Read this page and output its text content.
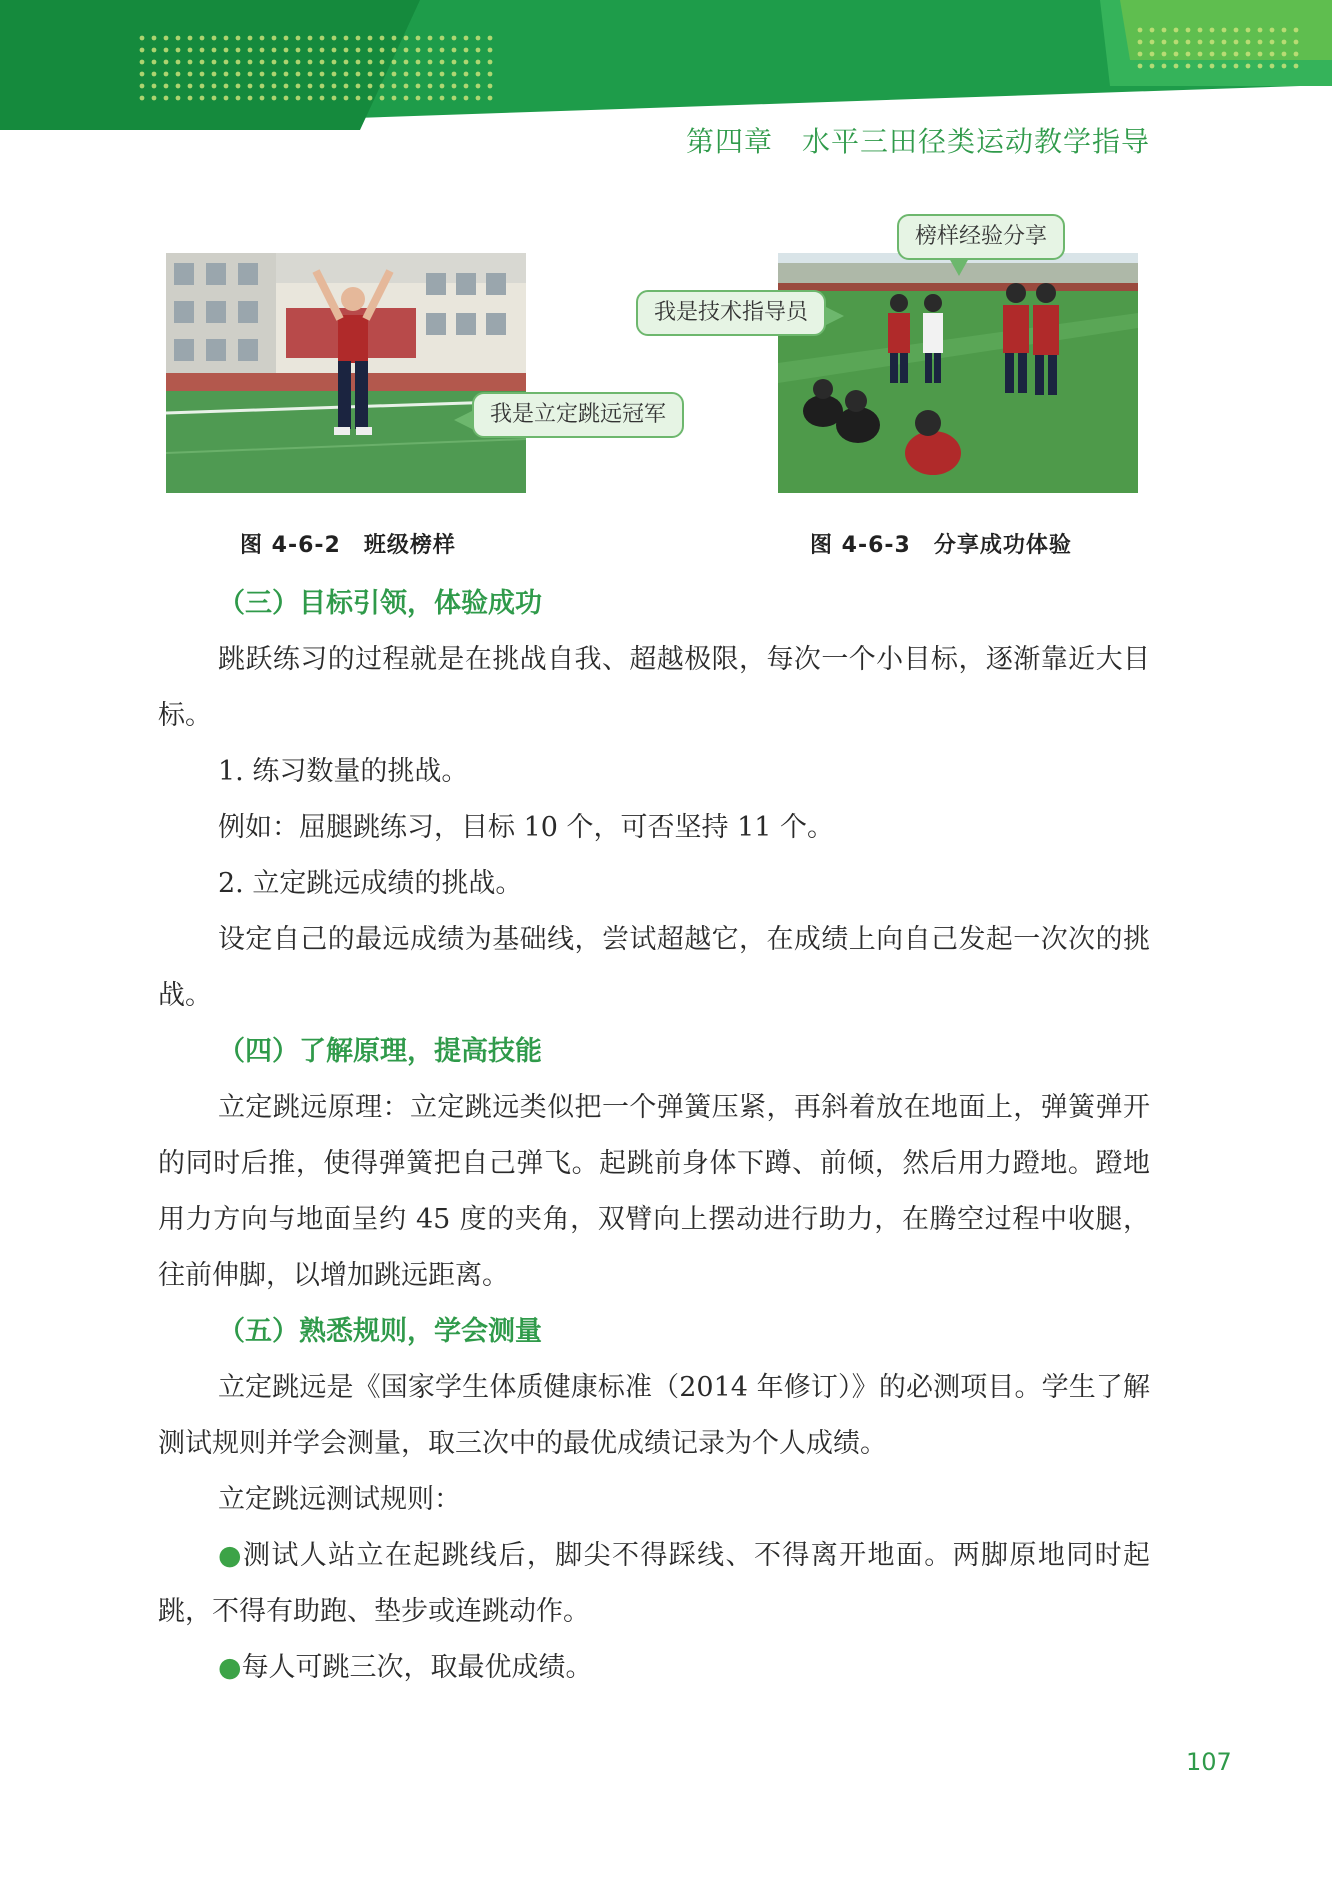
第四章　水平三田径类运动教学指导
我是立定跳远冠军
榜样经验分享
我是技术指导员
图 4-6-2　班级榜样	图 4-6-3　分享成功体验
（三）目标引领，体验成功

跳跃练习的过程就是在挑战自我、超越极限，每次一个小目标，逐渐靠近大目标。

1. 练习数量的挑战。

例如：屈腿跳练习，目标 10 个，可否坚持 11 个。

2. 立定跳远成绩的挑战。

设定自己的最远成绩为基础线，尝试超越它，在成绩上向自己发起一次次的挑战。

（四）了解原理，提高技能

立定跳远原理：立定跳远类似把一个弹簧压紧，再斜着放在地面上，弹簧弹开的同时后推，使得弹簧把自己弹飞。起跳前身体下蹲、前倾，然后用力蹬地。蹬地用力方向与地面呈约 45 度的夹角，双臂向上摆动进行助力，在腾空过程中收腿，往前伸脚，以增加跳远距离。

（五）熟悉规则，学会测量

立定跳远是《国家学生体质健康标准（2014 年修订）》的必测项目。学生了解测试规则并学会测量，取三次中的最优成绩记录为个人成绩。

立定跳远测试规则：

●测试人站立在起跳线后，脚尖不得踩线、不得离开地面。两脚原地同时起跳，不得有助跑、垫步或连跳动作。

●每人可跳三次，取最优成绩。

107
